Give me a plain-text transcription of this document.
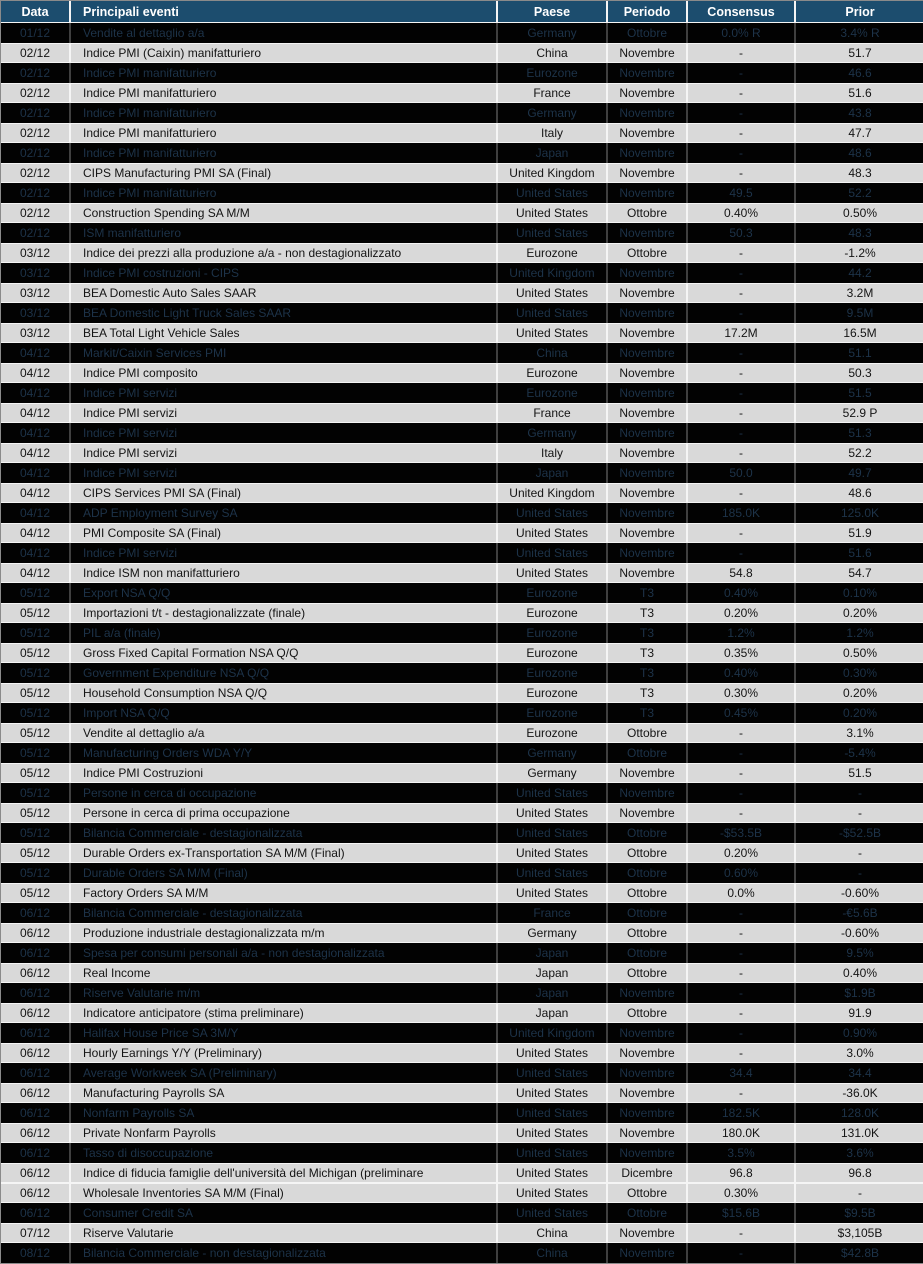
Data	Principali eventi	Paese	Periodo	Consensus	Prior
01/12	Vendite al dettaglio a/a	Germany	Ottobre	0.0% R	3.4% R
02/12	Indice PMI (Caixin) manifatturiero	China	Novembre	-	51.7
02/12	Indice PMI manifatturiero	Eurozone	Novembre	-	46.6
02/12	Indice PMI manifatturiero	France	Novembre	-	51.6
02/12	Indice PMI manifatturiero	Germany	Novembre	-	43.8
02/12	Indice PMI manifatturiero	Italy	Novembre	-	47.7
02/12	Indice PMI manifatturiero	Japan	Novembre	-	48.6
02/12	CIPS Manufacturing PMI SA (Final)	United Kingdom	Novembre	-	48.3
02/12	Indice PMI manifatturiero	United States	Novembre	49.5	52.2
02/12	Construction Spending SA M/M	United States	Ottobre	0.40%	0.50%
02/12	ISM manifatturiero	United States	Novembre	50.3	48.3
03/12	Indice dei prezzi alla produzione a/a - non destagionalizzato	Eurozone	Ottobre	-	-1.2%
03/12	Indice PMI costruzioni - CIPS	United Kingdom	Novembre	-	44.2
03/12	BEA Domestic Auto Sales SAAR	United States	Novembre	-	3.2M
03/12	BEA Domestic Light Truck Sales SAAR	United States	Novembre	-	9.5M
03/12	BEA Total Light Vehicle Sales	United States	Novembre	17.2M	16.5M
04/12	Markit/Caixin Services PMI	China	Novembre	-	51.1
04/12	Indice PMI composito	Eurozone	Novembre	-	50.3
04/12	Indice PMI servizi	Eurozone	Novembre	-	51.5
04/12	Indice PMI servizi	France	Novembre	-	52.9 P
04/12	Indice PMI servizi	Germany	Novembre	-	51.3
04/12	Indice PMI servizi	Italy	Novembre	-	52.2
04/12	Indice PMI servizi	Japan	Novembre	50.0	49.7
04/12	CIPS Services PMI SA (Final)	United Kingdom	Novembre	-	48.6
04/12	ADP Employment Survey SA	United States	Novembre	185.0K	125.0K
04/12	PMI Composite SA (Final)	United States	Novembre	-	51.9
04/12	Indice PMI servizi	United States	Novembre	-	51.6
04/12	Indice ISM non manifatturiero	United States	Novembre	54.8	54.7
05/12	Export NSA Q/Q	Eurozone	T3	0.40%	0.10%
05/12	Importazioni t/t - destagionalizzate (finale)	Eurozone	T3	0.20%	0.20%
05/12	PIL a/a (finale)	Eurozone	T3	1.2%	1.2%
05/12	Gross Fixed Capital Formation NSA Q/Q	Eurozone	T3	0.35%	0.50%
05/12	Government Expenditure NSA Q/Q	Eurozone	T3	0.40%	0.30%
05/12	Household Consumption NSA Q/Q	Eurozone	T3	0.30%	0.20%
05/12	Import NSA Q/Q	Eurozone	T3	0.45%	0.20%
05/12	Vendite al dettaglio a/a	Eurozone	Ottobre	-	3.1%
05/12	Manufacturing Orders WDA Y/Y	Germany	Ottobre	-	-5.4%
05/12	Indice PMI Costruzioni	Germany	Novembre	-	51.5
05/12	Persone in cerca di occupazione	United States	Novembre	-	-
05/12	Persone in cerca di prima occupazione	United States	Novembre	-	-
05/12	Bilancia Commerciale - destagionalizzata	United States	Ottobre	-$53.5B	-$52.5B
05/12	Durable Orders ex-Transportation SA M/M (Final)	United States	Ottobre	0.20%	-
05/12	Durable Orders SA M/M (Final)	United States	Ottobre	0.60%	-
05/12	Factory Orders SA M/M	United States	Ottobre	0.0%	-0.60%
06/12	Bilancia Commerciale - destagionalizzata	France	Ottobre	-	-€5.6B
06/12	Produzione industriale destagionalizzata m/m	Germany	Ottobre	-	-0.60%
06/12	Spesa per consumi personali a/a - non destagionalizzata	Japan	Ottobre	-	9.5%
06/12	Real Income	Japan	Ottobre	-	0.40%
06/12	Riserve Valutarie m/m	Japan	Novembre	-	$1.9B
06/12	Indicatore anticipatore (stima preliminare)	Japan	Ottobre	-	91.9
06/12	Halifax House Price SA 3M/Y	United Kingdom	Novembre	-	0.90%
06/12	Hourly Earnings Y/Y (Preliminary)	United States	Novembre	-	3.0%
06/12	Average Workweek SA (Preliminary)	United States	Novembre	34.4	34.4
06/12	Manufacturing Payrolls SA	United States	Novembre	-	-36.0K
06/12	Nonfarm Payrolls SA	United States	Novembre	182.5K	128.0K
06/12	Private Nonfarm Payrolls	United States	Novembre	180.0K	131.0K
06/12	Tasso di disoccupazione	United States	Novembre	3.5%	3.6%
06/12	Indice di fiducia famiglie dell'università del Michigan (preliminare	United States	Dicembre	96.8	96.8
06/12	Wholesale Inventories SA M/M (Final)	United States	Ottobre	0.30%	-
06/12	Consumer Credit SA	United States	Ottobre	$15.6B	$9.5B
07/12	Riserve Valutarie	China	Novembre	-	$3,105B
08/12	Bilancia Commerciale - non destagionalizzata	China	Novembre	-	$42.8B
